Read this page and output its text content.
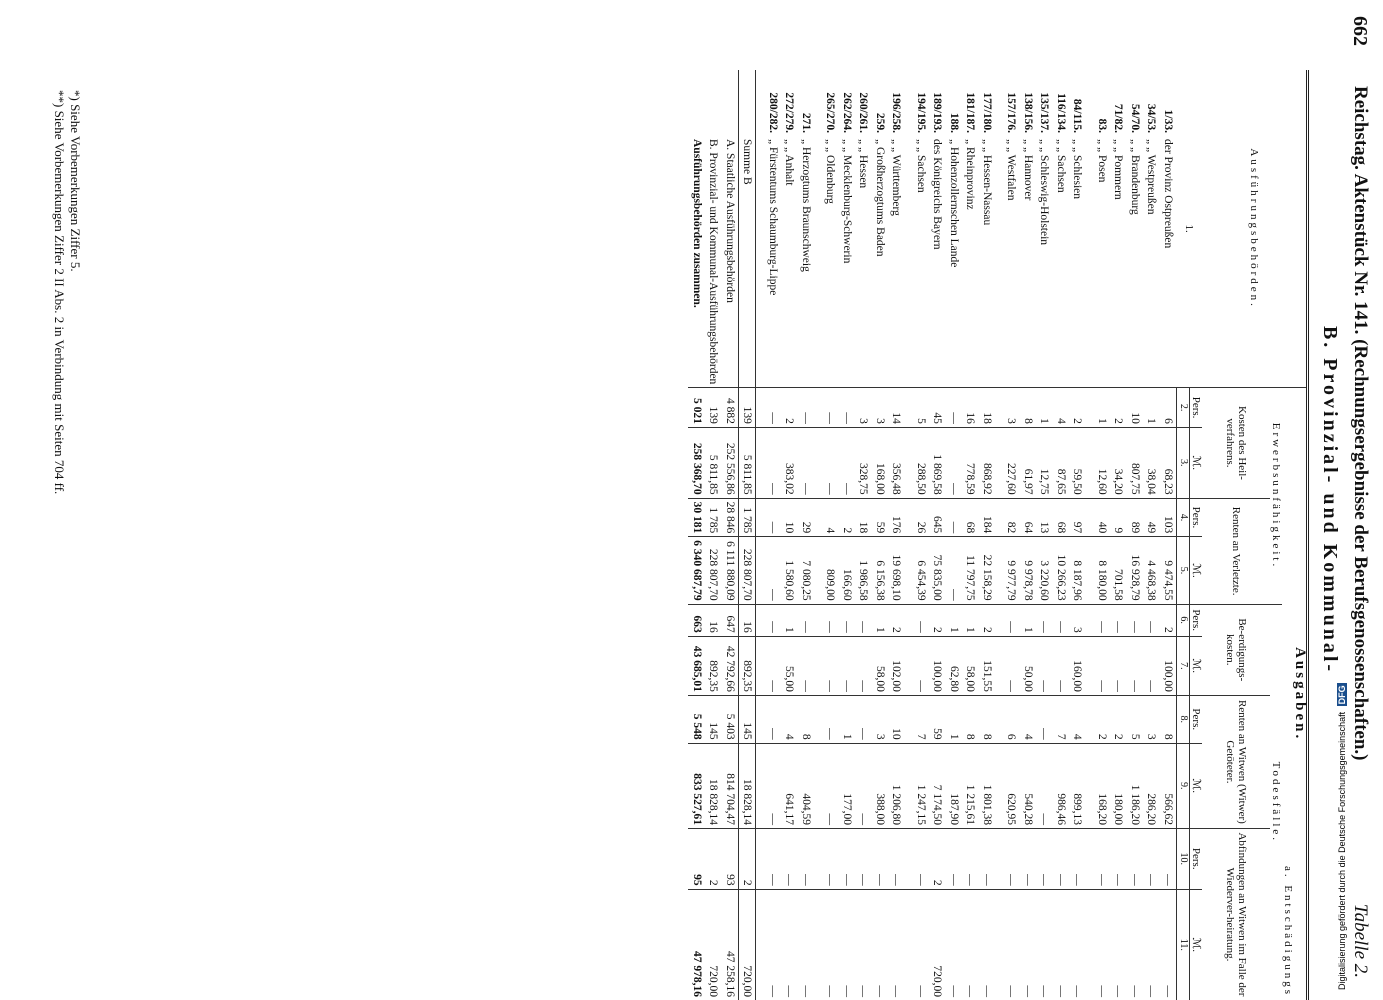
662
Reichstag. Aktenstück Nr. 141. (Rechnungsergebnisse der Berufsgenossenschaften.)
Tabelle 2.
B. Provinzial- und Kommunal-
Ausführungsbehörden.		Ausgaben.									
		a. Entschädigungs									
		Erwerbsunfähigkeit.				Todesfälle.					
		Kosten des Heil-verfahrens.		Renten an Verletzte.		Be-erdigungs-kosten.		Renten an Witwen (Witwer) Getöteter.		Abfindungen an Witwen im Falle der Wiederver-heiratung.	
1.		Pers.	ℳ.	Pers.	ℳ.	Pers.	ℳ.	Pers.	ℳ.	Pers.	ℳ.
		2.	3.	4.	5.	6.	7.	8.	9.	10.	11.
1/33.	der Provinz Ostpreußen	6	68,23	103	9 474,55	2	100,00	8	566,62	—	—
34/53.	„ „ Westpreußen	1	38,04	49	4 468,38	—	—	3	286,20	—	—
54/70.	„ „ Brandenburg	10	807,75	89	16 928,79	—	—	5	1 186,20	—	—
71/82.	„ „ Pommern	2	34,20	9	701,58	—	—	2	180,00	—	—
83.	„ „ Posen	1	12,60	40	8 180,00	—	—	2	168,20	—	—

84/115.	„ „ Schlesien	2	59,50	97	8 187,96	3	160,00	4	899,13	—	—
116/134.	„ „ Sachsen	4	87,65	68	10 266,23	—	—	7	986,46	—	—
135/137.	„ „ Schleswig-Holstein	1	12,75	13	3 220,60	—	—	—	—	—	—
138/156.	„ „ Hannover	8	61,97	64	9 978,78	1	50,00	4	540,28	—	—
157/176.	„ „ Westfalen	3	227,60	82	9 977,79	—	—	6	620,95	—	—

177/180.	„ „ Hessen-Nassau	18	868,92	184	22 158,29	2	151,55	8	1 801,38	—	—
181/187.	„ Rheinprovinz	16	778,59	68	11 797,75	1	58,00	8	1 215,61	—	—
188.	„ Hohenzollernschen Lande	—	—	—	—	1	62,80	1	187,90	—	—
189/193.	des Königreichs Bayern	45	1 869,58	645	75 835,00	2	100,00	59	7 174,50	2	720,00
194/195.	„ „ Sachsen	5	288,50	26	6 454,39	—	—	7	1 247,15	—	—

196/258.	„ „ Württemberg	14	356,48	176	19 698,10	2	102,00	10	1 206,80	—	—
259.	„ Großherzogtums Baden	3	168,00	59	6 156,38	1	58,00	3	388,00	—	—
260/261.	„ „ Hessen	3	328,75	18	1 986,58	—	—	—	—	—	—
262/264.	„ „ Mecklenburg-Schwerin	—	—	2	166,60	—	—	1	177,00	—	—
265/270.	„ „ Oldenburg	—	—	4	809,00	—	—	—	—	—	—

271.	„ Herzogtums Braunschweig	—	—	29	7 080,25	—	—	8	404,59	—	—
272/279.	„ „ Anhalt	2	383,02	10	1 580,60	1	55,00	4	641,17	—	—
280/282.	„ Fürstentums Schaumburg-Lippe	—	—	—	—	—	—	—	—	—	—

	Summe B	139	5 811,85	1 785	228 807,70	16	892,35	145	18 828,14	2	720,00
	A. Staatliche Ausführungsbehörden	4 882	252 556,86	28 846	6 111 880,09	647	42 792,66	5 403	814 704,47	93	47 258,16
	B. Provinzial- und Kommunal-Ausführungsbehörden	139	5 811,85	1 785	228 807,70	16	892,35	145	18 828,14	2	720,00
	Ausführungsbehörden zusammen.	5 021	258 368,70	30 181	6 340 687,79	663	43 685,01	5 548	833 527,61	95	47 978,16
*) Siehe Vorbemerkungen Ziffer 5.
**) Siehe Vorbemerkungen Ziffer 2 II Abs. 2 in Verbindung mit Seiten 704 ff.
Digitalisierung gefördert durch die Deutsche Forschungsgemeinschaft DFG
